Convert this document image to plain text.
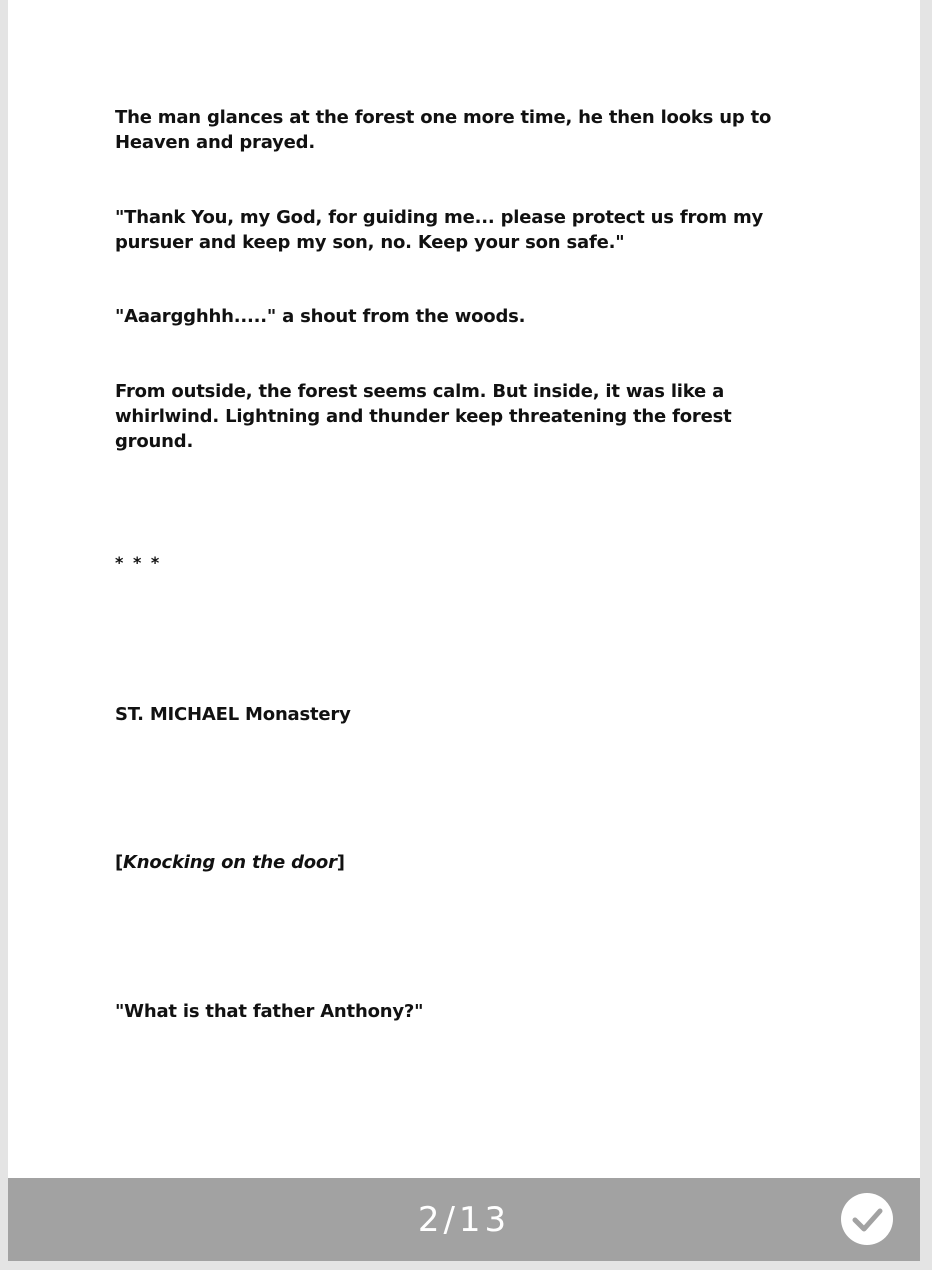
The man glances at the forest one more time, he then looks up to Heaven and prayed.

"Thank You, my God, for guiding me... please protect us from my pursuer and keep my son, no. Keep your son safe."

"Aaargghhh....." a shout from the woods.

From outside, the forest seems calm. But inside, it was like a whirlwind. Lightning and thunder keep threatening the forest ground.

* * *

ST. MICHAEL Monastery

[Knocking on the door]

"What is that father Anthony?"

2/13
